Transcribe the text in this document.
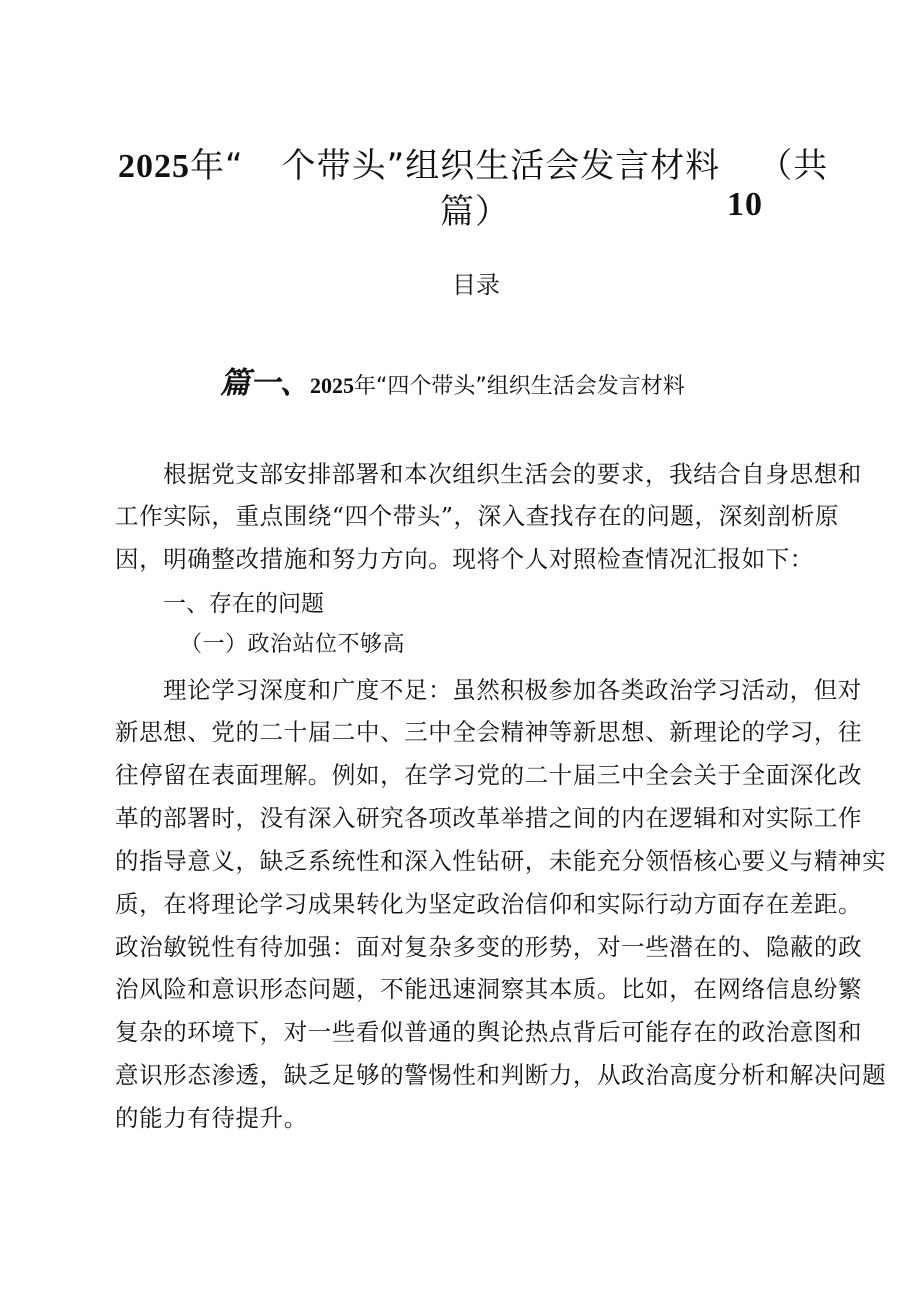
2025年“ 个带头”组织生活会发言材料 （共
篇）	10
目录
篇一、2025年“四个带头”组织生活会发言材料
根据党支部安排部署和本次组织生活会的要求，我结合自身思想和
工作实际，重点围绕“四个带头”，深入查找存在的问题，深刻剖析原
因，明确整改措施和努力方向。现将个人对照检查情况汇报如下：
一、存在的问题
（一）政治站位不够高
理论学习深度和广度不足：虽然积极参加各类政治学习活动，但对
新思想、党的二十届二中、三中全会精神等新思想、新理论的学习，往
往停留在表面理解。例如，在学习党的二十届三中全会关于全面深化改
革的部署时，没有深入研究各项改革举措之间的内在逻辑和对实际工作
的指导意义，缺乏系统性和深入性钻研，未能充分领悟核心要义与精神实
质，在将理论学习成果转化为坚定政治信仰和实际行动方面存在差距。
政治敏锐性有待加强：面对复杂多变的形势，对一些潜在的、隐蔽的政
治风险和意识形态问题，不能迅速洞察其本质。比如，在网络信息纷繁
复杂的环境下，对一些看似普通的舆论热点背后可能存在的政治意图和
意识形态渗透，缺乏足够的警惕性和判断力，从政治高度分析和解决问题
的能力有待提升。
